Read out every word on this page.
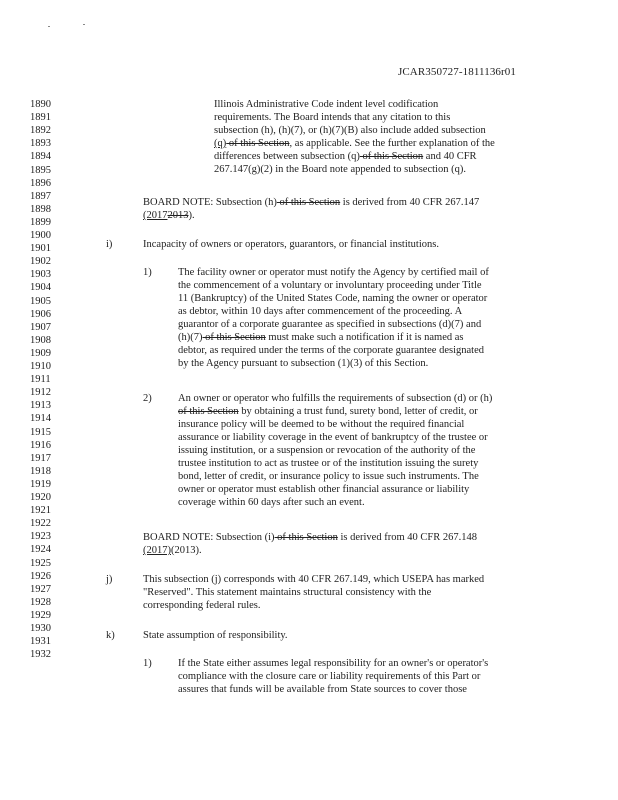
JCAR350727-1811136r01
1890
1891
1892
1893
1894
1895
1896
1897
1898
1899
1900
1901
1902
1903
1904
1905
1906
1907
1908
1909
1910
1911
1912
1913
1914
1915
1916
1917
1918
1919
1920
1921
1922
1923
1924
1925
1926
1927
1928
1929
1930
1931
1932
Illinois Administrative Code indent level codification
requirements. The Board intends that any citation to this
subsection (h), (h)(7), or (h)(7)(B) also include added subsection
(q) of this Section, as applicable. See the further explanation of the
differences between subsection (q) of this Section and 40 CFR
267.147(g)(2) in the Board note appended to subsection (q).
BOARD NOTE: Subsection (h) of this Section is derived from 40 CFR 267.147
(20172013).
i)	Incapacity of owners or operators, guarantors, or financial institutions.
1)	The facility owner or operator must notify the Agency by certified mail of
the commencement of a voluntary or involuntary proceeding under Title
11 (Bankruptcy) of the United States Code, naming the owner or operator
as debtor, within 10 days after commencement of the proceeding. A
guarantor of a corporate guarantee as specified in subsections (d)(7) and
(h)(7) of this Section must make such a notification if it is named as
debtor, as required under the terms of the corporate guarantee designated
by the Agency pursuant to subsection (1)(3) of this Section.
2)	An owner or operator who fulfills the requirements of subsection (d) or (h)
of this Section by obtaining a trust fund, surety bond, letter of credit, or
insurance policy will be deemed to be without the required financial
assurance or liability coverage in the event of bankruptcy of the trustee or
issuing institution, or a suspension or revocation of the authority of the
trustee institution to act as trustee or of the institution issuing the surety
bond, letter of credit, or insurance policy to issue such instruments. The
owner or operator must establish other financial assurance or liability
coverage within 60 days after such an event.
BOARD NOTE: Subsection (i) of this Section is derived from 40 CFR 267.148
(2017)(2013).
j)	This subsection (j) corresponds with 40 CFR 267.149, which USEPA has marked
"Reserved". This statement maintains structural consistency with the
corresponding federal rules.
k)	State assumption of responsibility.
1)	If the State either assumes legal responsibility for an owner's or operator's
compliance with the closure care or liability requirements of this Part or
assures that funds will be available from State sources to cover those
